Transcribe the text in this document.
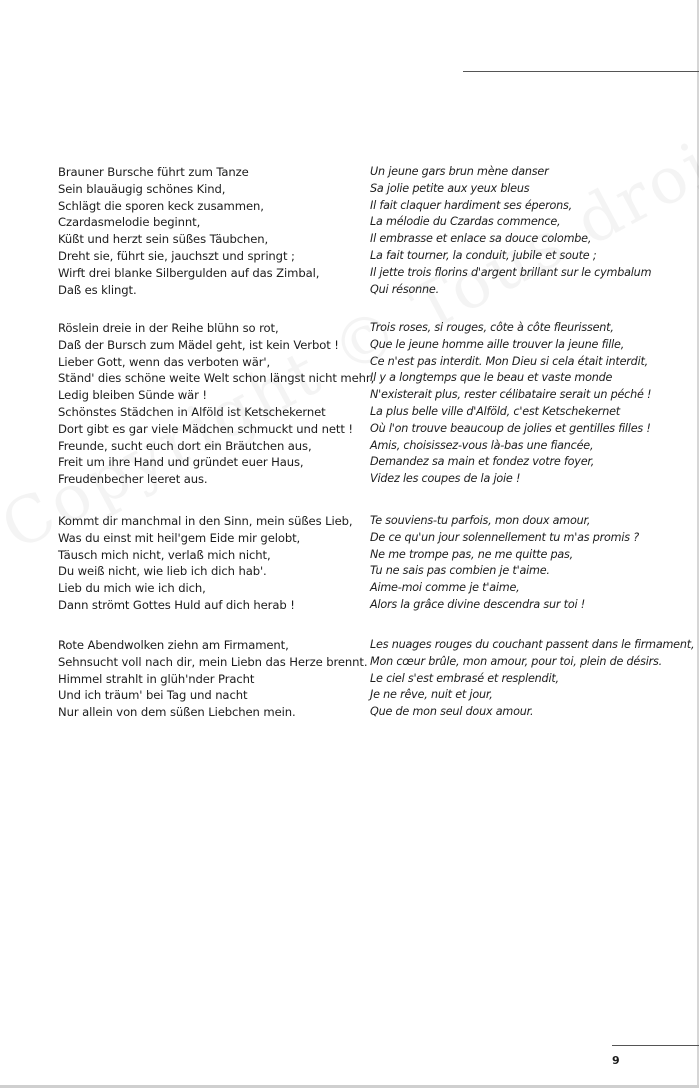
Brauner Bursche führt zum Tanze
Sein blauäugig schönes Kind,
Schlägt die sporen keck zusammen,
Czardasmelodie beginnt,
Küßt und herzt sein süßes Täubchen,
Dreht sie, führt sie, jauchszt und springt ;
Wirft drei blanke Silbergulden auf das Zimbal,
Daß es klingt.
Röslein dreie in der Reihe blühn so rot,
Daß der Bursch zum Mädel geht, ist kein Verbot !
Lieber Gott, wenn das verboten wär',
Ständ' dies schöne weite Welt schon längst nicht mehr,
Ledig bleiben Sünde wär !
Schönstes Städchen in Alföld ist Ketschekernet
Dort gibt es gar viele Mädchen schmuckt und nett !
Freunde, sucht euch dort ein Bräutchen aus,
Freit um ihre Hand und gründet euer Haus,
Freudenbecher leeret aus.
Kommt dir manchmal in den Sinn, mein süßes Lieb,
Was du einst mit heil'gem Eide mir gelobt,
Täusch mich nicht, verlaß mich nicht,
Du weiß nicht, wie lieb ich dich hab'.
Lieb du mich wie ich dich,
Dann strömt Gottes Huld auf dich herab !
Rote Abendwolken ziehn am Firmament,
Sehnsucht voll nach dir, mein Liebn das Herze brennt.
Himmel strahlt in glüh'nder Pracht
Und ich träum' bei Tag und nacht
Nur allein von dem süßen Liebchen mein.
Un jeune gars brun mène danser
Sa jolie petite aux yeux bleus
Il fait claquer hardiment ses éperons,
La mélodie du Czardas commence,
Il embrasse et enlace sa douce colombe,
La fait tourner, la conduit, jubile et soute ;
Il jette trois florins d'argent brillant sur le cymbalum
Qui résonne.
Trois roses, si rouges, côte à côte fleurissent,
Que le jeune homme aille trouver la jeune fille,
Ce n'est pas interdit. Mon Dieu si cela était interdit,
Il y a longtemps que le beau et vaste monde
N'existerait plus, rester célibataire serait un péché !
La plus belle ville d'Alföld, c'est Ketschekernet
Où l'on trouve beaucoup de jolies et gentilles filles !
Amis, choisissez-vous là-bas une fiancée,
Demandez sa main et fondez votre foyer,
Videz les coupes de la joie !
Te souviens-tu parfois, mon doux amour,
De ce qu'un jour solennellement tu m'as promis ?
Ne me trompe pas, ne me quitte pas,
Tu ne sais pas combien je t'aime.
Aime-moi comme je t'aime,
Alors la grâce divine descendra sur toi !
Les nuages rouges du couchant passent dans le firmament,
Mon cœur brûle, mon amour, pour toi, plein de désirs.
Le ciel s'est embrasé et resplendit,
Je ne rêve, nuit et jour,
Que de mon seul doux amour.
9
